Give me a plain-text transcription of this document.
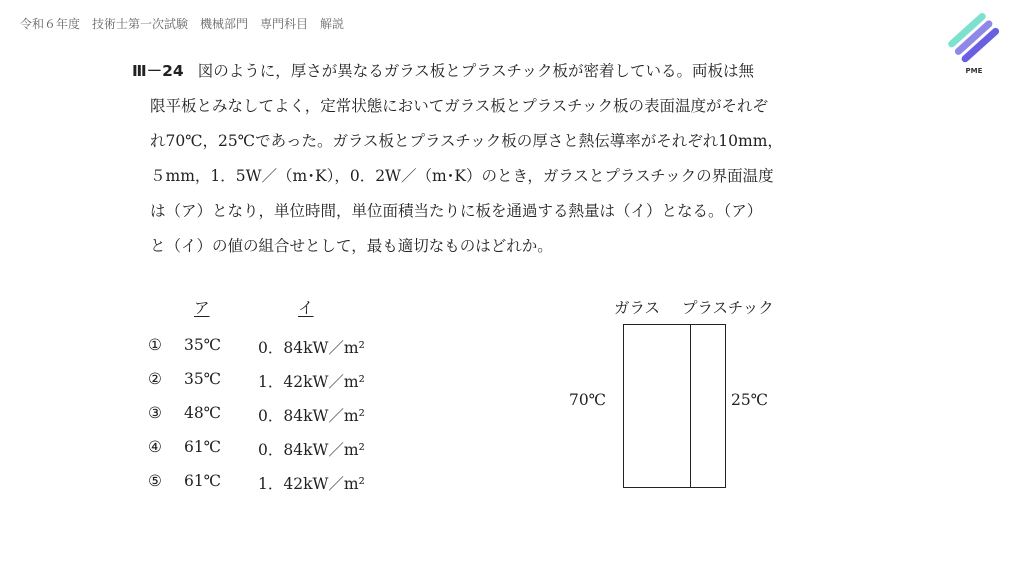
令和６年度　技術士第一次試験　機械部門　専門科目　解説
PME
Ⅲ－24 図のように，厚さが異なるガラス板とプラスチック板が密着している。両板は無
限平板とみなしてよく，定常状態においてガラス板とプラスチック板の表面温度がそれぞ
れ70℃，25℃であった。ガラス板とプラスチック板の厚さと熱伝導率がそれぞれ10mm，
５mm，1．5W／（m･K），0．2W／（m･K）のとき，ガラスとプラスチックの界面温度
は（ア）となり，単位時間，単位面積当たりに板を通過する熱量は（イ）となる。（ア）
と（イ）の値の組合せとして，最も適切なものはどれか。
ア	イ
① 35℃ 0．84kW／m²
② 35℃ 1．42kW／m²
③ 48℃ 0．84kW／m²
④ 61℃ 0．84kW／m²
⑤ 61℃ 1．42kW／m²
ガラス プラスチック
70℃	25℃
